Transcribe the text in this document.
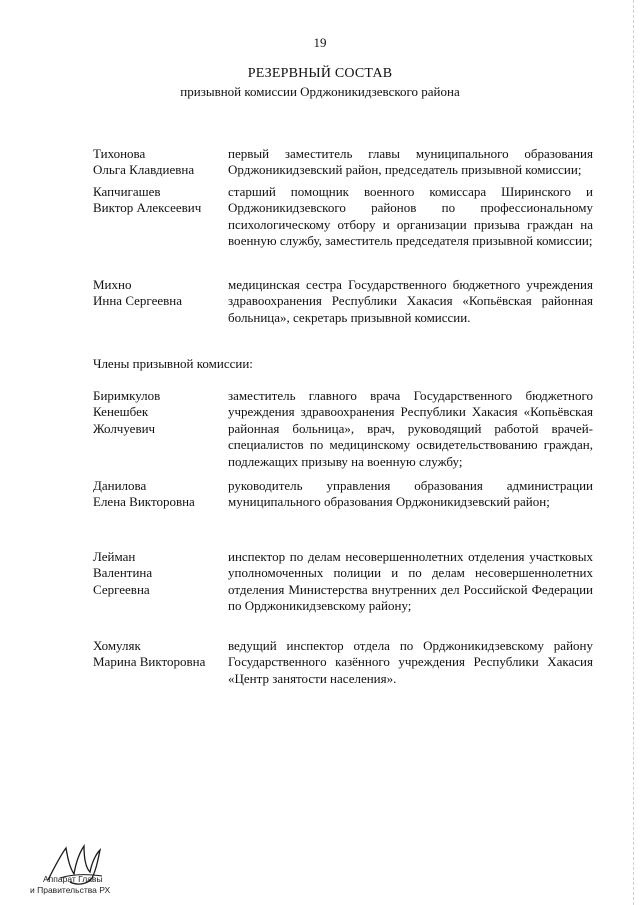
19
РЕЗЕРВНЫЙ СОСТАВ
призывной комиссии Орджоникидзевского района
Тихонова
Ольга Клавдиевна
первый заместитель главы муниципального образования Орджоникидзевский район, председатель призывной комиссии;
Капчигашев
Виктор Алексеевич
старший помощник военного комиссара Ширинского и Орджоникидзевского районов по профессиональному психологическому отбору и организации призыва граждан на военную службу, заместитель председателя призывной комиссии;
Михно
Инна Сергеевна
медицинская сестра Государственного бюджетного учреждения здравоохранения Республики Хакасия «Копьёвская районная больница», секретарь призывной комиссии.
Члены призывной комиссии:
Биримкулов
Кенешбек
Жолчуевич
заместитель главного врача Государственного бюджетного учреждения здравоохранения Республики Хакасия «Копьёвская районная больница», врач, руководящий работой врачей-специалистов по медицинскому освидетельствованию граждан, подлежащих призыву на военную службу;
Данилова
Елена Викторовна
руководитель управления образования администрации муниципального образования Орджоникидзевский район;
Лейман
Валентина
Сергеевна
инспектор по делам несовершеннолетних отделения участковых уполномоченных полиции и по делам несовершеннолетних отделения Министерства внутренних дел Российской Федерации по Орджоникидзевскому району;
Хомуляк
Марина Викторовна
ведущий инспектор отдела по Орджоникидзевскому району Государственного казённого учреждения Республики Хакасия «Центр занятости населения».
Аппарат Главы
и Правительства РХ
